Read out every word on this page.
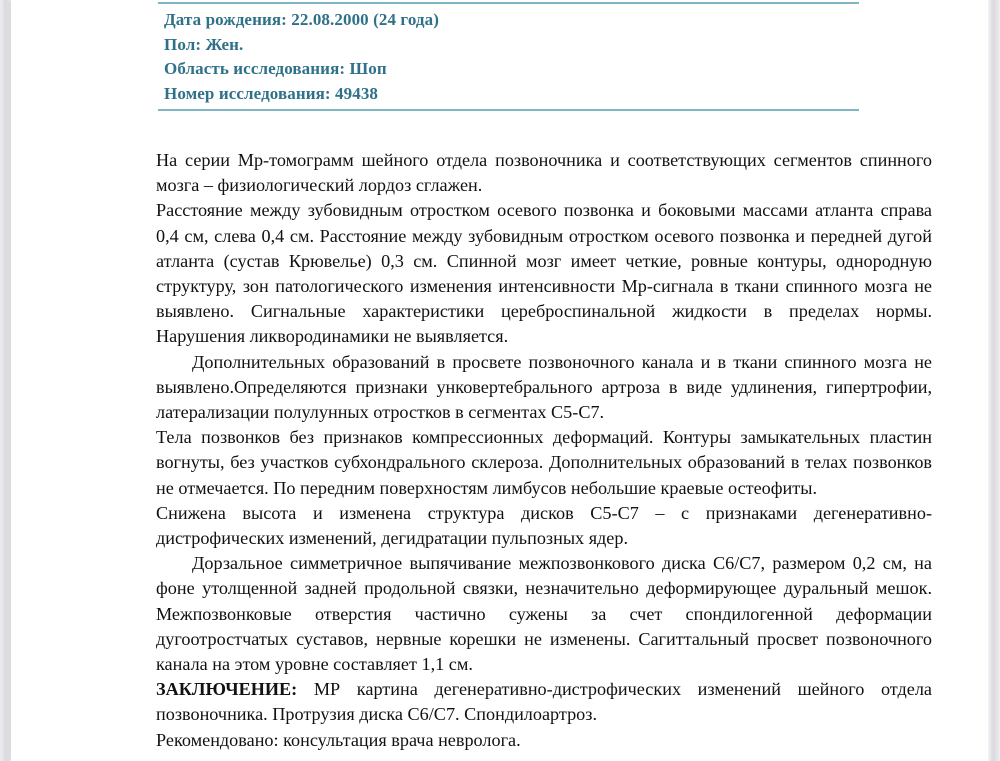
Дата рождения: 22.08.2000 (24 года)
Пол: Жен.
Область исследования: Шоп
Номер исследования: 49438

На серии Мр-томограмм шейного отдела позвоночника и соответствующих сегментов спинного мозга – физиологический лордоз сглажен.

Расстояние между зубовидным отростком осевого позвонка и боковыми массами атланта справа 0,4 см, слева 0,4 см. Расстояние между зубовидным отростком осевого позвонка и передней дугой атланта (сустав Крювелье) 0,3 см. Спинной мозг имеет четкие, ровные контуры, однородную структуру, зон патологического изменения интенсивности Мр-сигнала в ткани спинного мозга не выявлено. Сигнальные характеристики цереброспинальной жидкости в пределах нормы. Нарушения ликвородинамики не выявляется.

Дополнительных образований в просвете позвоночного канала и в ткани спинного мозга не выявлено.Определяются признаки унковертебрального артроза в виде удлинения, гипертрофии, латерализации полулунных отростков в сегментах С5-С7.

Тела позвонков без признаков компрессионных деформаций. Контуры замыкательных пластин вогнуты, без участков субхондрального склероза. Дополнительных образований в телах позвонков не отмечается. По передним поверхностям лимбусов небольшие краевые остеофиты.

Снижена высота и изменена структура дисков С5-С7 – с признаками дегенеративно-дистрофических изменений, дегидратации пульпозных ядер.

Дорзальное симметричное выпячивание межпозвонкового диска С6/С7, размером 0,2 см, на фоне утолщенной задней продольной связки, незначительно деформирующее дуральный мешок. Межпозвонковые отверстия частично сужены за счет спондилогенной деформации дугоотростчатых суставов, нервные корешки не изменены. Сагиттальный просвет позвоночного канала на этом уровне составляет 1,1 см.

ЗАКЛЮЧЕНИЕ: МР картина дегенеративно-дистрофических изменений шейного отдела позвоночника. Протрузия диска С6/С7. Спондилоартроз.

Рекомендовано: консультация врача невролога.
